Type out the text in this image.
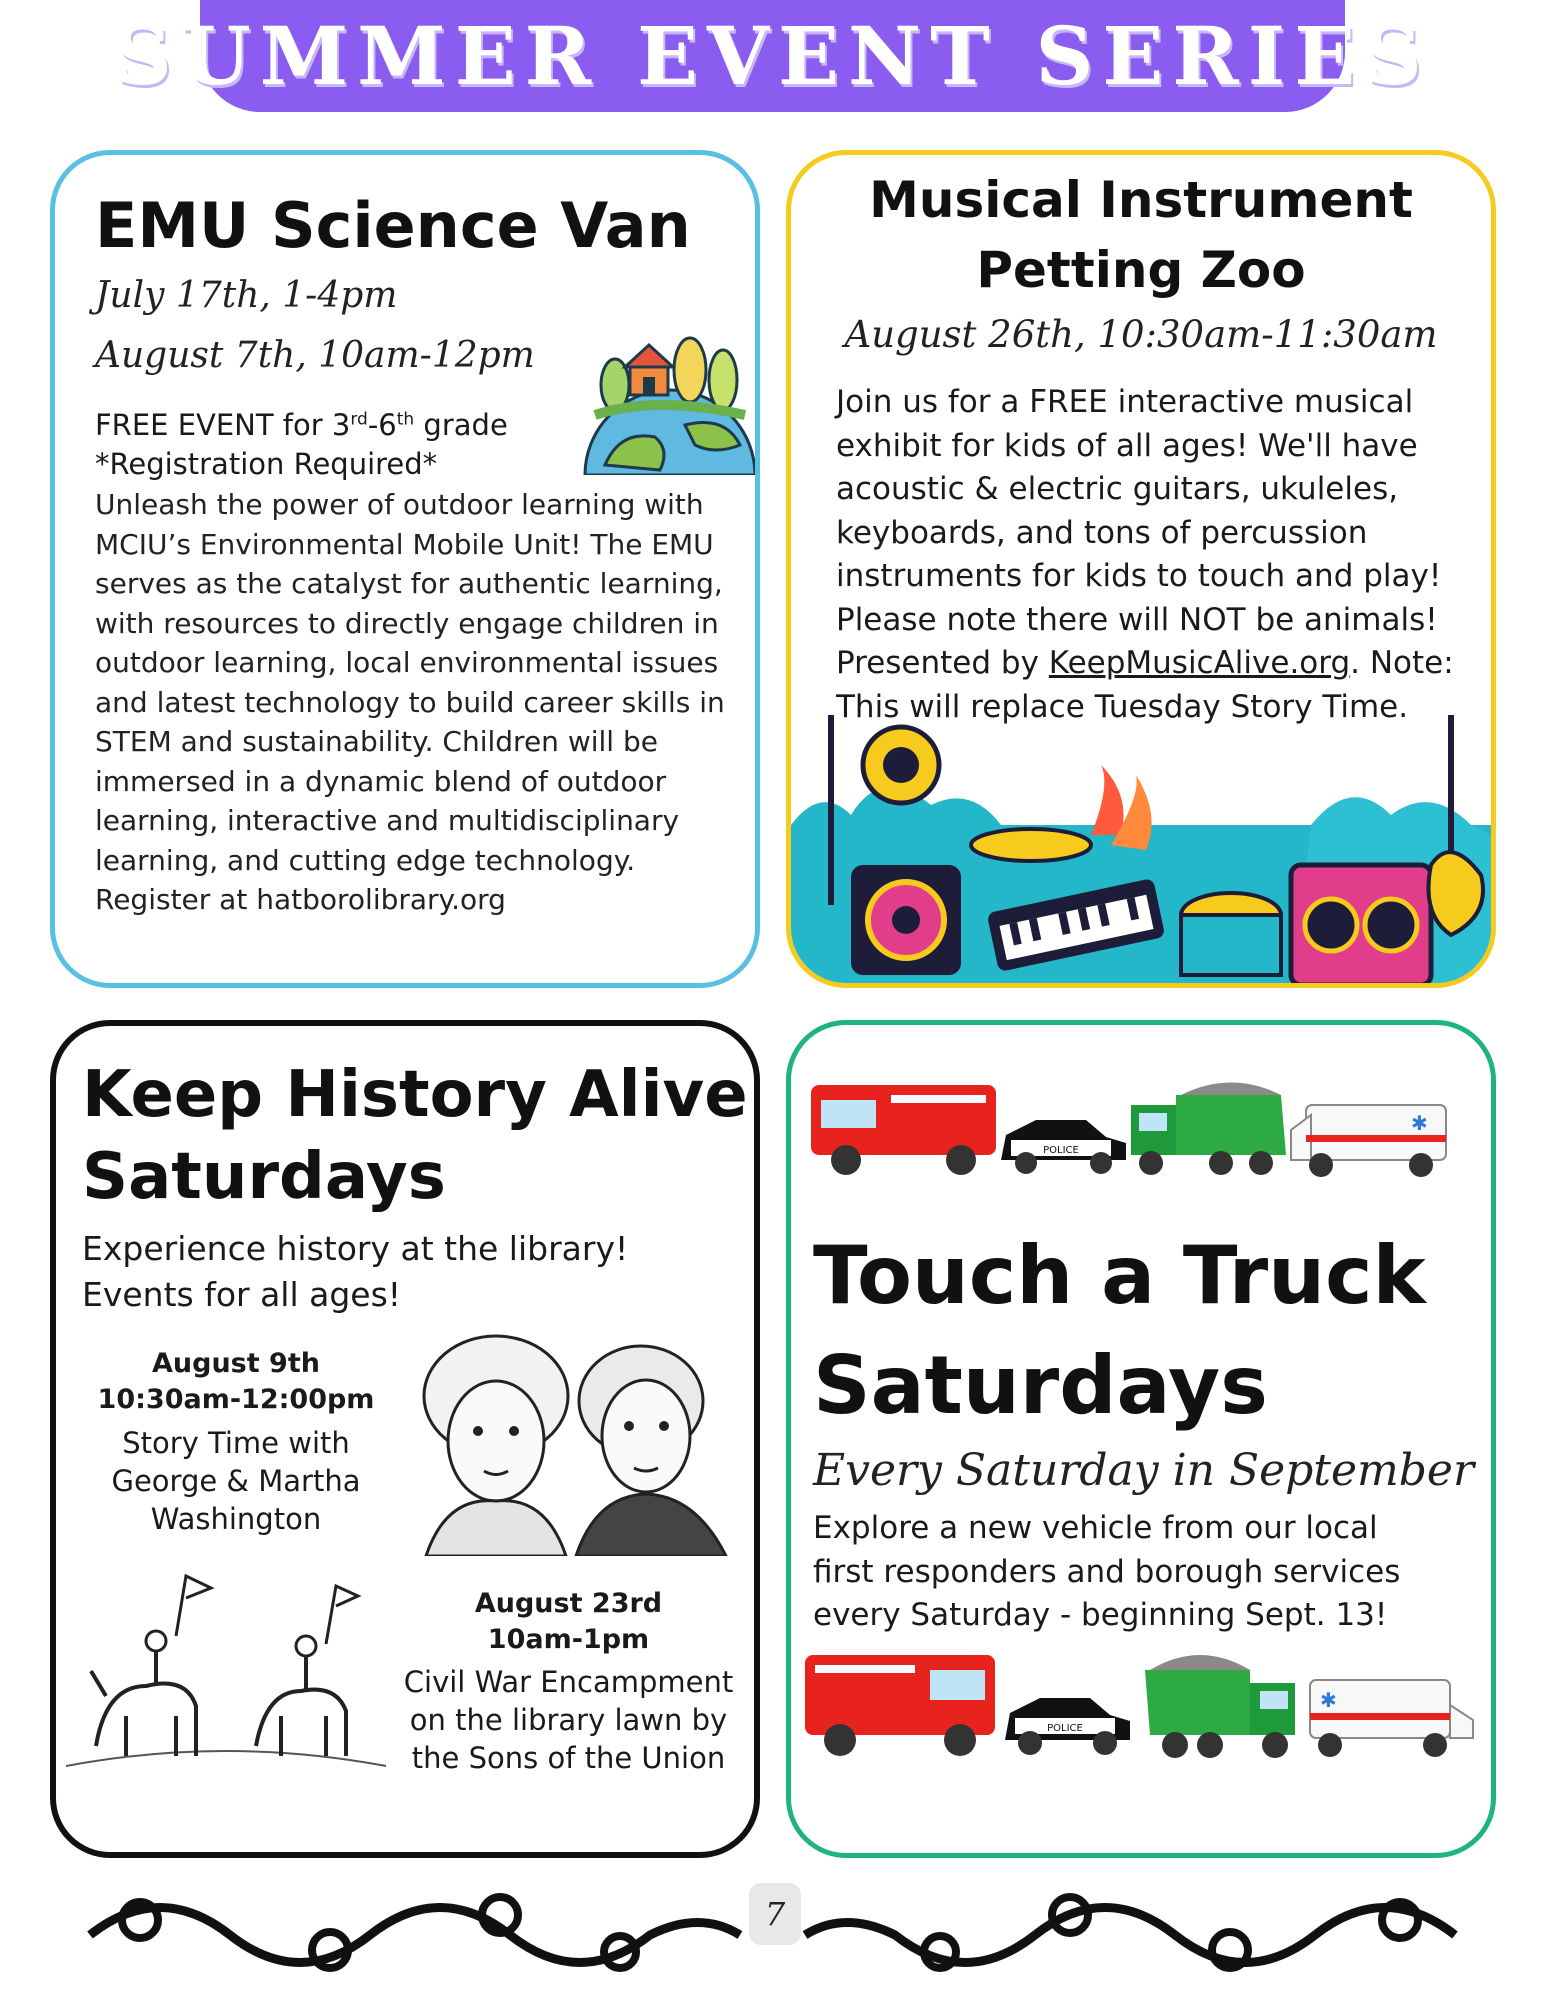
SUMMER EVENT SERIES
EMU Science Van
July 17th, 1-4pm
August 7th, 10am-12pm
FREE EVENT for 3rd-6th grade
*Registration Required*
Unleash the power of outdoor learning with MCIU’s Environmental Mobile Unit! The EMU serves as the catalyst for authentic learning, with resources to directly engage children in outdoor learning, local environmental issues and latest technology to build career skills in STEM and sustainability. Children will be immersed in a dynamic blend of outdoor learning, interactive and multidisciplinary learning, and cutting edge technology. Register at hatborolibrary.org
Musical Instrument
Petting Zoo
August 26th, 10:30am-11:30am
Join us for a FREE interactive musical exhibit for kids of all ages! We'll have acoustic & electric guitars, ukuleles, keyboards, and tons of percussion instruments for kids to touch and play! Please note there will NOT be animals! Presented by KeepMusicAlive.org. Note: This will replace Tuesday Story Time.
Keep History Alive
Saturdays
Experience history at the library!
Events for all ages!
August 9th
10:30am-12:00pm
Story Time with
George & Martha
Washington
August 23rd
10am-1pm
Civil War Encampment
on the library lawn by
the Sons of the Union
POLICE
✱
Touch a Truck
Saturdays
Every Saturday in September
Explore a new vehicle from our local
first responders and borough services
every Saturday - beginning Sept. 13!
POLICE
✱
7
